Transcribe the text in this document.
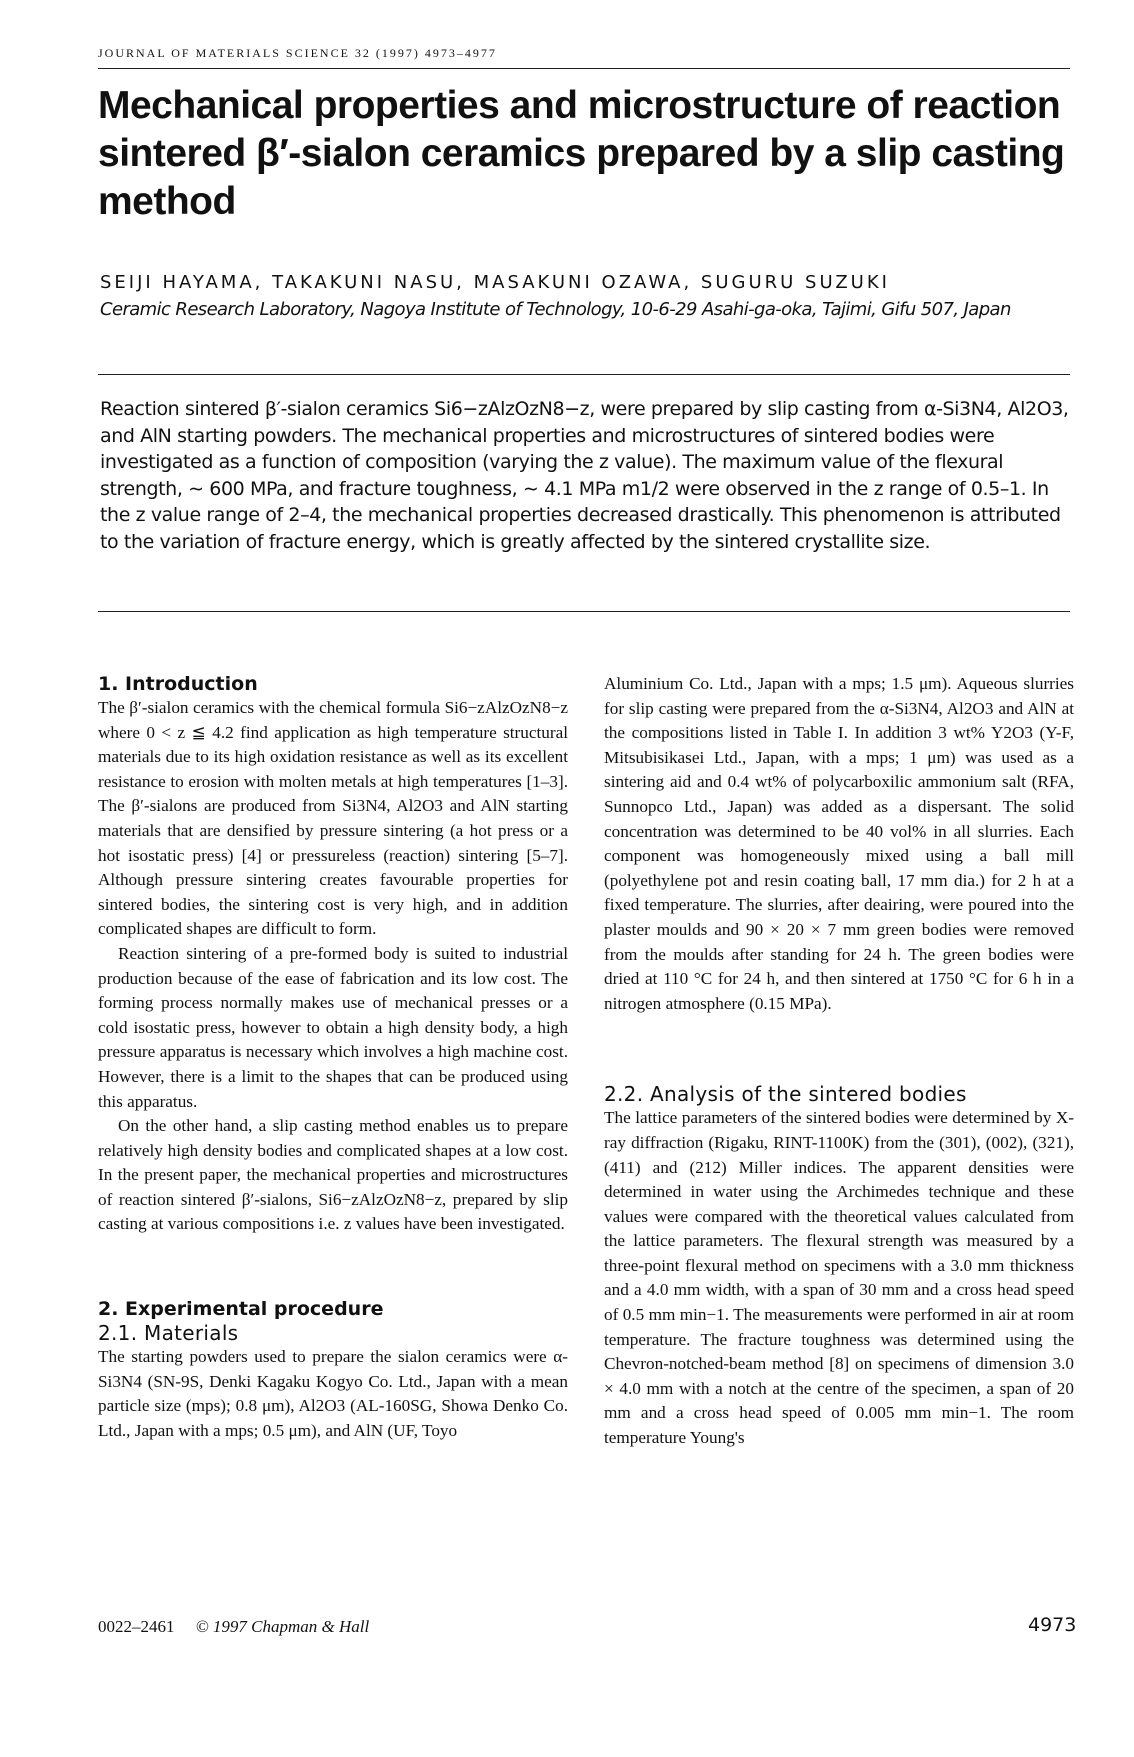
JOURNAL OF MATERIALS SCIENCE 32 (1997) 4973–4977
Mechanical properties and microstructure of reaction sintered β′-sialon ceramics prepared by a slip casting method
SEIJI HAYAMA, TAKAKUNI NASU, MASAKUNI OZAWA, SUGURU SUZUKI
Ceramic Research Laboratory, Nagoya Institute of Technology, 10-6-29 Asahi-ga-oka, Tajimi, Gifu 507, Japan
Reaction sintered β′-sialon ceramics Si6−zAlzOzN8−z, were prepared by slip casting from α-Si3N4, Al2O3, and AlN starting powders. The mechanical properties and microstructures of sintered bodies were investigated as a function of composition (varying the z value). The maximum value of the flexural strength, ∼ 600 MPa, and fracture toughness, ∼ 4.1 MPa m1/2 were observed in the z range of 0.5–1. In the z value range of 2–4, the mechanical properties decreased drastically. This phenomenon is attributed to the variation of fracture energy, which is greatly affected by the sintered crystallite size.
1. Introduction

The β′-sialon ceramics with the chemical formula Si6−zAlzOzN8−z where 0 < z ≦ 4.2 find application as high temperature structural materials due to its high oxidation resistance as well as its excellent resistance to erosion with molten metals at high temperatures [1–3]. The β′-sialons are produced from Si3N4, Al2O3 and AlN starting materials that are densified by pressure sintering (a hot press or a hot isostatic press) [4] or pressureless (reaction) sintering [5–7]. Although pressure sintering creates favourable properties for sintered bodies, the sintering cost is very high, and in addition complicated shapes are difficult to form.

Reaction sintering of a pre-formed body is suited to industrial production because of the ease of fabrication and its low cost. The forming process normally makes use of mechanical presses or a cold isostatic press, however to obtain a high density body, a high pressure apparatus is necessary which involves a high machine cost. However, there is a limit to the shapes that can be produced using this apparatus.

On the other hand, a slip casting method enables us to prepare relatively high density bodies and complicated shapes at a low cost. In the present paper, the mechanical properties and microstructures of reaction sintered β′-sialons, Si6−zAlzOzN8−z, prepared by slip casting at various compositions i.e. z values have been investigated.

2. Experimental procedure
2.1. Materials

The starting powders used to prepare the sialon ceramics were α-Si3N4 (SN-9S, Denki Kagaku Kogyo Co. Ltd., Japan with a mean particle size (mps); 0.8 μm), Al2O3 (AL-160SG, Showa Denko Co. Ltd., Japan with a mps; 0.5 μm), and AlN (UF, Toyo

Aluminium Co. Ltd., Japan with a mps; 1.5 μm). Aqueous slurries for slip casting were prepared from the α-Si3N4, Al2O3 and AlN at the compositions listed in Table I. In addition 3 wt% Y2O3 (Y-F, Mitsubisikasei Ltd., Japan, with a mps; 1 μm) was used as a sintering aid and 0.4 wt% of polycarboxilic ammonium salt (RFA, Sunnopco Ltd., Japan) was added as a dispersant. The solid concentration was determined to be 40 vol% in all slurries. Each component was homogeneously mixed using a ball mill (polyethylene pot and resin coating ball, 17 mm dia.) for 2 h at a fixed temperature. The slurries, after deairing, were poured into the plaster moulds and 90 × 20 × 7 mm green bodies were removed from the moulds after standing for 24 h. The green bodies were dried at 110 °C for 24 h, and then sintered at 1750 °C for 6 h in a nitrogen atmosphere (0.15 MPa).

2.2. Analysis of the sintered bodies

The lattice parameters of the sintered bodies were determined by X-ray diffraction (Rigaku, RINT-1100K) from the (301), (002), (321), (411) and (212) Miller indices. The apparent densities were determined in water using the Archimedes technique and these values were compared with the theoretical values calculated from the lattice parameters. The flexural strength was measured by a three-point flexural method on specimens with a 3.0 mm thickness and a 4.0 mm width, with a span of 30 mm and a cross head speed of 0.5 mm min−1. The measurements were performed in air at room temperature. The fracture toughness was determined using the Chevron-notched-beam method [8] on specimens of dimension 3.0 × 4.0 mm with a notch at the centre of the specimen, a span of 20 mm and a cross head speed of 0.005 mm min−1. The room temperature Young's

0022–2461 © 1997 Chapman & Hall	4973
